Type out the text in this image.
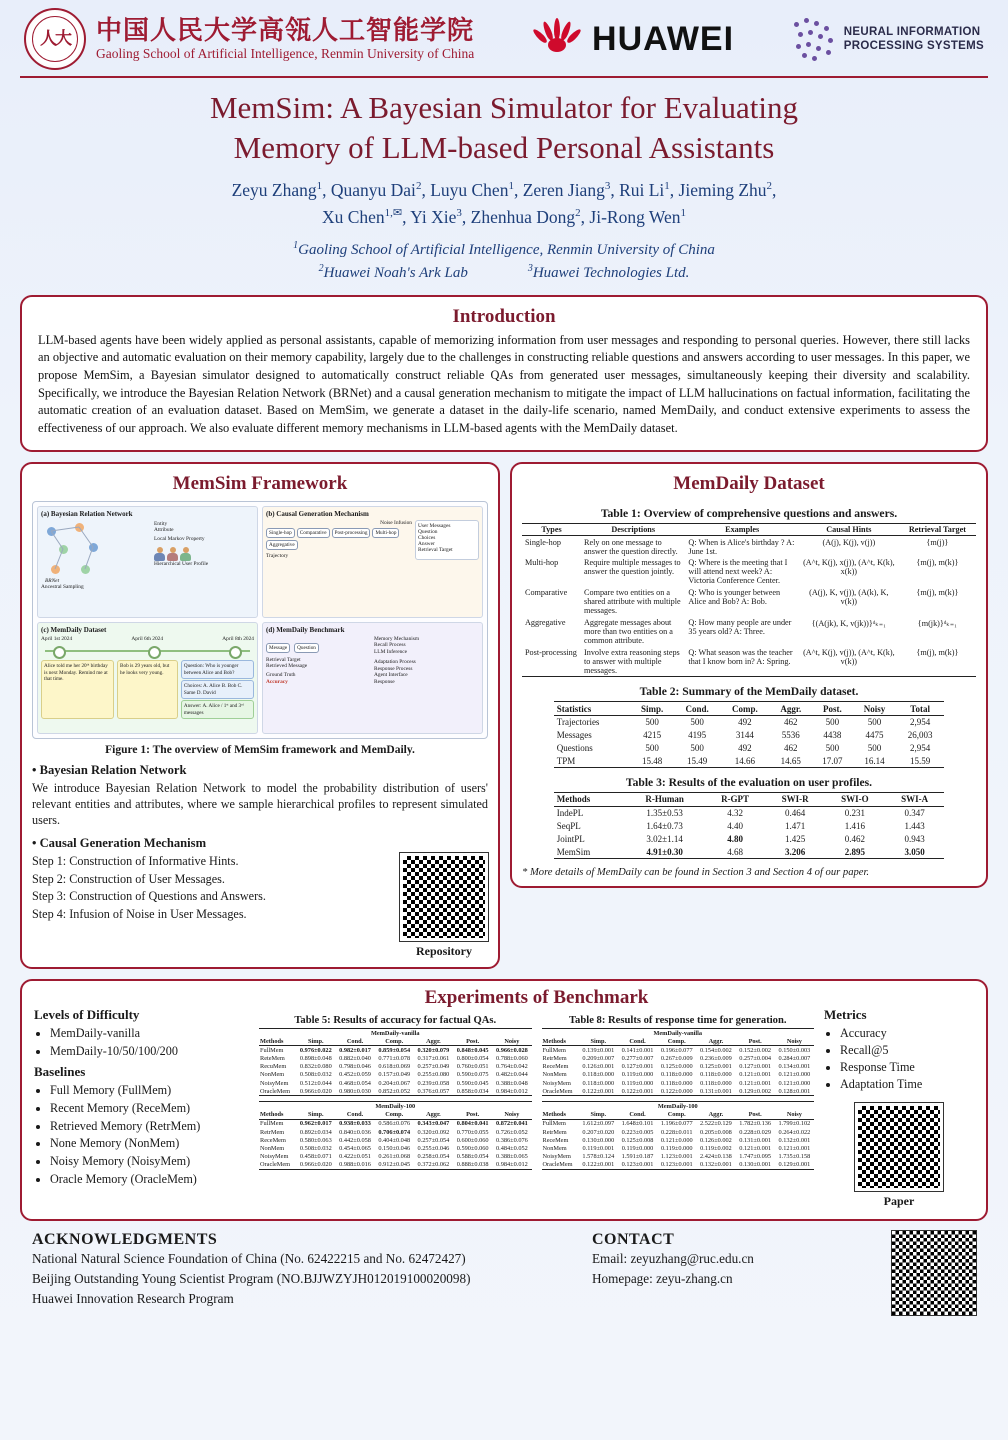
人大 中国人民大学高瓴人工智能学院
Gaoling School of Artificial Intelligence, Renmin University of China	HUAWEI	NEURAL INFORMATION
PROCESSING SYSTEMS
MemSim: A Bayesian Simulator for Evaluating
Memory of LLM-based Personal Assistants
Zeyu Zhang$^1$, Quanyu Dai$^2$, Luyu Chen$^1$, Zeren Jiang$^3$, Rui Li$^1$, Jieming Zhu$^2$,
Xu Chen$^{1,✉}$, Yi Xie$^3$, Zhenhua Dong$^2$, Ji-Rong Wen$^1$
$^1$Gaoling School of Artificial Intelligence, Renmin University of China
$^2$Huawei Noah's Ark Lab	$^3$Huawei Technologies Ltd.
Introduction

LLM-based agents have been widely applied as personal assistants, capable of memorizing information from user messages and responding to personal queries. However, there still lacks an objective and automatic evaluation on their memory capability, largely due to the challenges in constructing reliable questions and answers according to user messages. In this paper, we propose MemSim, a Bayesian simulator designed to automatically construct reliable QAs from generated user messages, simultaneously keeping their diversity and scalability. Specifically, we introduce the Bayesian Relation Network (BRNet) and a causal generation mechanism to mitigate the impact of LLM hallucinations on factual information, facilitating the automatic creation of an evaluation dataset. Based on MemSim, we generate a dataset in the daily-life scenario, named MemDaily, and conduct extensive experiments to assess the effectiveness of our approach. We also evaluate different memory mechanisms in LLM-based agents with the MemDaily dataset.

MemSim Framework
(a) Bayesian Relation Network
BRNet
Entity
Attribute
Local Markov Property
Hierarchical User Profile
Ancestral Sampling
(b) Causal Generation Mechanism
Noise Infusion
Single-hop	Comparative	Post-processing	Multi-hop
Aggregative
Trajectory
User Messages
Question
Choices
Answer
Retrieval Target
(c) MemDaily Dataset
April 1st 2024	April 6th 2024	April 8th 2024
Alice told me her 20ᵗʰ birthday is next Monday. Remind me at that time.
Bob is 29 years old, but he looks very young.
Question: Who is younger between Alice and Bob?
Choices: A. Alice B. Bob C. Same D. David
Answer: A. Alice / 1ˢᵗ and 3ʳᵈ messages
(d) MemDaily Benchmark
Message Question
Retrieval Target
Retrieved Message
Ground Truth
Accuracy
Memory Mechanism
Recall Process
LLM Inference
Adaptation Process
Response Process
Agent Interface
Response
Figure 1: The overview of MemSim framework and MemDaily.
• Bayesian Relation Network

We introduce Bayesian Relation Network to model the probability distribution of users' relevant entities and attributes, where we sample hierarchical profiles to represent simulated users.

• Causal Generation Mechanism
Step 1: Construction of Informative Hints.
Step 2: Construction of User Messages.
Step 3: Construction of Questions and Answers.
Step 4: Infusion of Noise in User Messages.
Repository
MemDaily Dataset
Table 1: Overview of comprehensive questions and answers.
Types	Descriptions	Examples	Causal Hints	Retrieval Target
Single-hop	Rely on one message to answer the question directly.	Q: When is Alice's birthday ? A: June 1st.	(A(j), K(j), v(j))	{m(j)}
Multi-hop	Require multiple messages to answer the question jointly.	Q: Where is the meeting that I will attend next week? A: Victoria Conference Center.	(A^t, K(j), x(j)), (A^t, K(k), x(k))	{m(j), m(k)}
Comparative	Compare two entities on a shared attribute with multiple messages.	Q: Who is younger between Alice and Bob? A: Bob.	(A(j), K, v(j)), (A(k), K, v(k))	{m(j), m(k)}
Aggregative	Aggregate messages about more than two entities on a common attribute.	Q: How many people are under 35 years old? A: Three.	{(A(jk), K, v(jk))}ᵈₖ₌₁	{m(jk)}ᵈₖ₌₁
Post-processing	Involve extra reasoning steps to answer with multiple messages.	Q: What season was the teacher that I know born in? A: Spring.	(A^t, K(j), v(j)), (A^t, K(k), v(k))	{m(j), m(k)}
Table 2: Summary of the MemDaily dataset.
Statistics	Simp.	Cond.	Comp.	Aggr.	Post.	Noisy	Total
Trajectories	500	500	492	462	500	500	2,954
Messages	4215	4195	3144	5536	4438	4475	26,003
Questions	500	500	492	462	500	500	2,954
TPM	15.48	15.49	14.66	14.65	17.07	16.14	15.59
Table 3: Results of the evaluation on user profiles.
Methods	R-Human	R-GPT	SWI-R	SWI-O	SWI-A
IndePL	1.35±0.53	4.32	0.464	0.231	0.347
SeqPL	1.64±0.73	4.40	1.471	1.416	1.443
JointPL	3.02±1.14	4.80	1.425	0.462	0.943
MemSim	4.91±0.30	4.68	3.206	2.895	3.050
* More details of MemDaily can be found in Section 3 and Section 4 of our paper.
Levels of Difficulty
• MemDaily-vanilla
• MemDaily-10/50/100/200
Baselines
• Full Memory (FullMem)
• Recent Memory (ReceMem)
• Retrieved Memory (RetrMem)
• None Memory (NonMem)
• Noisy Memory (NoisyMem)
• Oracle Memory (OracleMem)
Experiments of Benchmark
Table 5: Results of accuracy for factual QAs.
MemDaily-vanilla						
Methods	Simp.	Cond.	Comp.	Aggr.	Post.	Noisy
FullMem	0.976±0.022	0.982±0.017	0.859±0.054	0.320±0.079	0.848±0.045	0.966±0.028
ReteMem	0.898±0.048	0.882±0.040	0.771±0.078	0.317±0.061	0.800±0.054	0.788±0.060
RecuMem	0.832±0.080	0.798±0.046	0.618±0.069	0.257±0.049	0.760±0.051	0.764±0.042
NonMem	0.508±0.032	0.452±0.059	0.157±0.049	0.255±0.080	0.590±0.075	0.482±0.044
NoisyMem	0.512±0.044	0.468±0.054	0.204±0.067	0.239±0.058	0.590±0.045	0.388±0.048
OracleMem	0.966±0.020	0.980±0.030	0.852±0.052	0.376±0.057	0.858±0.034	0.984±0.012
MemDaily-100						
Methods	Simp.	Cond.	Comp.	Aggr.	Post.	Noisy
FullMem	0.962±0.017	0.938±0.033	0.586±0.076	0.343±0.047	0.804±0.041	0.872±0.041
RetrMem	0.892±0.034	0.840±0.036	0.706±0.074	0.320±0.092	0.770±0.055	0.726±0.052
ReceMem	0.580±0.063	0.442±0.058	0.404±0.048	0.257±0.054	0.600±0.060	0.386±0.076
NonMem	0.508±0.032	0.454±0.065	0.150±0.046	0.255±0.046	0.590±0.060	0.484±0.052
NoisyMem	0.458±0.071	0.422±0.051	0.261±0.068	0.258±0.054	0.588±0.054	0.388±0.065
OracleMem	0.966±0.020	0.988±0.016	0.912±0.045	0.372±0.062	0.888±0.038	0.984±0.012
Table 8: Results of response time for generation.
MemDaily-vanilla						
Methods	Simp.	Cond.	Comp.	Aggr.	Post.	Noisy
FullMem	0.139±0.001	0.141±0.001	0.196±0.077	0.154±0.002	0.152±0.002	0.150±0.003
RetrMem	0.209±0.007	0.277±0.007	0.267±0.009	0.236±0.009	0.257±0.004	0.284±0.007
ReceMem	0.126±0.001	0.127±0.001	0.125±0.000	0.125±0.001	0.127±0.001	0.134±0.001
NonMem	0.118±0.000	0.119±0.000	0.118±0.000	0.118±0.000	0.121±0.001	0.121±0.000
NoisyMem	0.118±0.000	0.119±0.000	0.118±0.000	0.118±0.000	0.121±0.001	0.121±0.000
OracleMem	0.122±0.001	0.122±0.001	0.122±0.000	0.131±0.001	0.129±0.002	0.128±0.001
MemDaily-100						
Methods	Simp.	Cond.	Comp.	Aggr.	Post.	Noisy
FullMem	1.612±0.097	1.648±0.101	1.196±0.077	2.522±0.129	1.782±0.136	1.799±0.102
RetrMem	0.207±0.020	0.223±0.005	0.228±0.011	0.205±0.008	0.228±0.029	0.264±0.022
ReceMem	0.130±0.000	0.125±0.008	0.121±0.000	0.126±0.002	0.131±0.001	0.132±0.001
NonMem	0.119±0.001	0.119±0.000	0.119±0.000	0.119±0.002	0.121±0.001	0.121±0.001
NoisyMem	1.578±0.124	1.591±0.187	1.123±0.001	2.424±0.138	1.747±0.095	1.735±0.158
OracleMem	0.122±0.001	0.123±0.001	0.123±0.001	0.132±0.001	0.130±0.001	0.129±0.001
Metrics
• Accuracy
• Recall@5
• Response Time
• Adaptation Time
Paper
ACKNOWLEDGMENTS
National Natural Science Foundation of China (No. 62422215 and No. 62472427)
Beijing Outstanding Young Scientist Program (NO.BJJWZYJH012019100020098)
Huawei Innovation Research Program
CONTACT
Email: zeyuzhang@ruc.edu.cn
Homepage: zeyu-zhang.cn
